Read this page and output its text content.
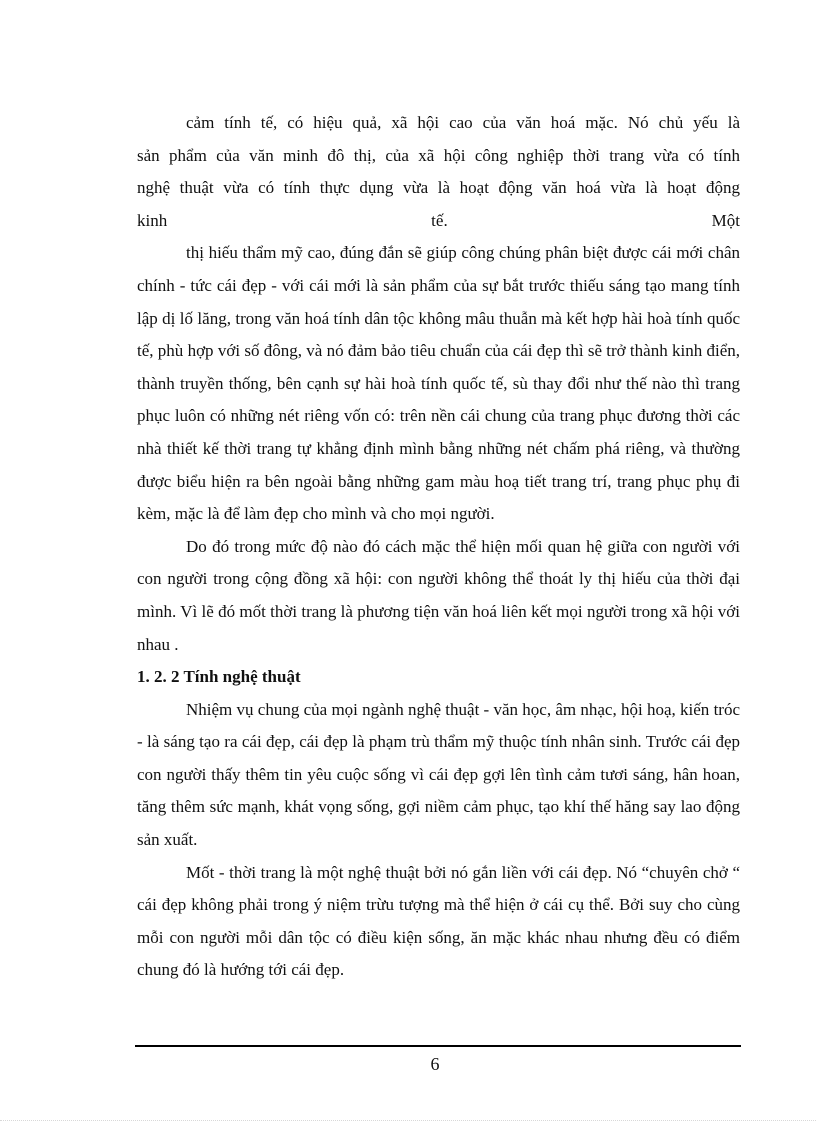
cảm tính tế, có hiệu quả, xã hội cao của văn hoá mặc. Nó chủ yếu là
sản phẩm của văn minh đô thị, của xã hội công nghiệp thời trang vừa có tính
nghệ thuật vừa có tính thực dụng vừa là hoạt động văn hoá vừa là hoạt động
kinh	tế.	Một

thị hiếu thẩm mỹ cao, đúng đắn sẽ giúp công chúng phân biệt được cái mới chân chính - tức cái đẹp - với cái mới là sản phẩm của sự bắt trước thiếu sáng tạo mang tính lập dị lố lăng, trong văn hoá tính dân tộc không mâu thuẫn mà kết hợp hài hoà tính quốc tế, phù hợp với số đông, và nó đảm bảo tiêu chuẩn của cái đẹp thì sẽ trở thành kinh điển, thành truyền thống, bên cạnh sự hài hoà tính quốc tế, sù thay đổi như thế nào thì trang phục luôn có những nét riêng vốn có: trên nền cái chung của trang phục đương thời các nhà thiết kế thời trang tự khẳng định mình bằng những nét chấm phá riêng, và thường được biểu hiện ra bên ngoài bằng những gam màu hoạ tiết trang trí, trang phục phụ đi kèm, mặc là để làm đẹp cho mình và cho mọi người.

Do đó trong mức độ nào đó cách mặc thể hiện mối quan hệ giữa con người với con người trong cộng đồng xã hội: con người không thể thoát ly thị hiếu của thời đại mình. Vì lẽ đó mốt thời trang là phương tiện văn hoá liên kết mọi người trong xã hội với nhau .

1. 2. 2 Tính nghệ thuật

Nhiệm vụ chung của mọi ngành nghệ thuật - văn học, âm nhạc, hội hoạ, kiến tróc - là sáng tạo ra cái đẹp, cái đẹp là phạm trù thẩm mỹ thuộc tính nhân sinh. Trước cái đẹp con người thấy thêm tin yêu cuộc sống vì cái đẹp gợi lên tình cảm tươi sáng, hân hoan, tăng thêm sức mạnh, khát vọng sống, gợi niềm cảm phục, tạo khí thế hăng say lao động sản xuất.

Mốt - thời trang là một nghệ thuật bởi nó gắn liền với cái đẹp. Nó “chuyên chở “ cái đẹp không phải trong ý niệm trừu tượng mà thể hiện ở cái cụ thể. Bởi suy cho cùng mỗi con người mỗi dân tộc có điều kiện sống, ăn mặc khác nhau nhưng đều có điểm chung đó là hướng tới cái đẹp.

6
